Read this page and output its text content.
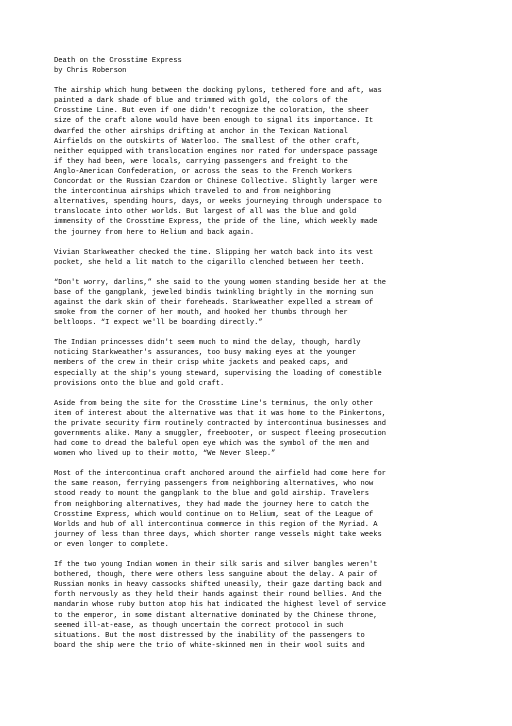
Death on the Crosstime Express
by Chris Roberson

The airship which hung between the docking pylons, tethered fore and aft, was
painted a dark shade of blue and trimmed with gold, the colors of the
Crosstime Line. But even if one didn't recognize the coloration, the sheer
size of the craft alone would have been enough to signal its importance. It
dwarfed the other airships drifting at anchor in the Texican National
Airfields on the outskirts of Waterloo. The smallest of the other craft,
neither equipped with translocation engines nor rated for underspace passage
if they had been, were locals, carrying passengers and freight to the
Anglo-American Confederation, or across the seas to the French Workers
Concordat or the Russian Czardom or Chinese Collective. Slightly larger were
the intercontinua airships which traveled to and from neighboring
alternatives, spending hours, days, or weeks journeying through underspace to
translocate into other worlds. But largest of all was the blue and gold
immensity of the Crosstime Express, the pride of the line, which weekly made
the journey from here to Helium and back again.

Vivian Starkweather checked the time. Slipping her watch back into its vest
pocket, she held a lit match to the cigarillo clenched between her teeth.

“Don't worry, darlins,” she said to the young women standing beside her at the
base of the gangplank, jeweled bindis twinkling brightly in the morning sun
against the dark skin of their foreheads. Starkweather expelled a stream of
smoke from the corner of her mouth, and hooked her thumbs through her
beltloops. “I expect we'll be boarding directly.”

The Indian princesses didn't seem much to mind the delay, though, hardly
noticing Starkweather's assurances, too busy making eyes at the younger
members of the crew in their crisp white jackets and peaked caps, and
especially at the ship's young steward, supervising the loading of comestible
provisions onto the blue and gold craft.

Aside from being the site for the Crosstime Line's terminus, the only other
item of interest about the alternative was that it was home to the Pinkertons,
the private security firm routinely contracted by intercontinua businesses and
governments alike. Many a smuggler, freebooter, or suspect fleeing prosecution
had come to dread the baleful open eye which was the symbol of the men and
women who lived up to their motto, “We Never Sleep.”

Most of the intercontinua craft anchored around the airfield had come here for
the same reason, ferrying passengers from neighboring alternatives, who now
stood ready to mount the gangplank to the blue and gold airship. Travelers
from neighboring alternatives, they had made the journey here to catch the
Crosstime Express, which would continue on to Helium, seat of the League of
Worlds and hub of all intercontinua commerce in this region of the Myriad. A
journey of less than three days, which shorter range vessels might take weeks
or even longer to complete.

If the two young Indian women in their silk saris and silver bangles weren't
bothered, though, there were others less sanguine about the delay. A pair of
Russian monks in heavy cassocks shifted uneasily, their gaze darting back and
forth nervously as they held their hands against their round bellies. And the
mandarin whose ruby button atop his hat indicated the highest level of service
to the emperor, in some distant alternative dominated by the Chinese throne,
seemed ill-at-ease, as though uncertain the correct protocol in such
situations. But the most distressed by the inability of the passengers to
board the ship were the trio of white-skinned men in their wool suits and
